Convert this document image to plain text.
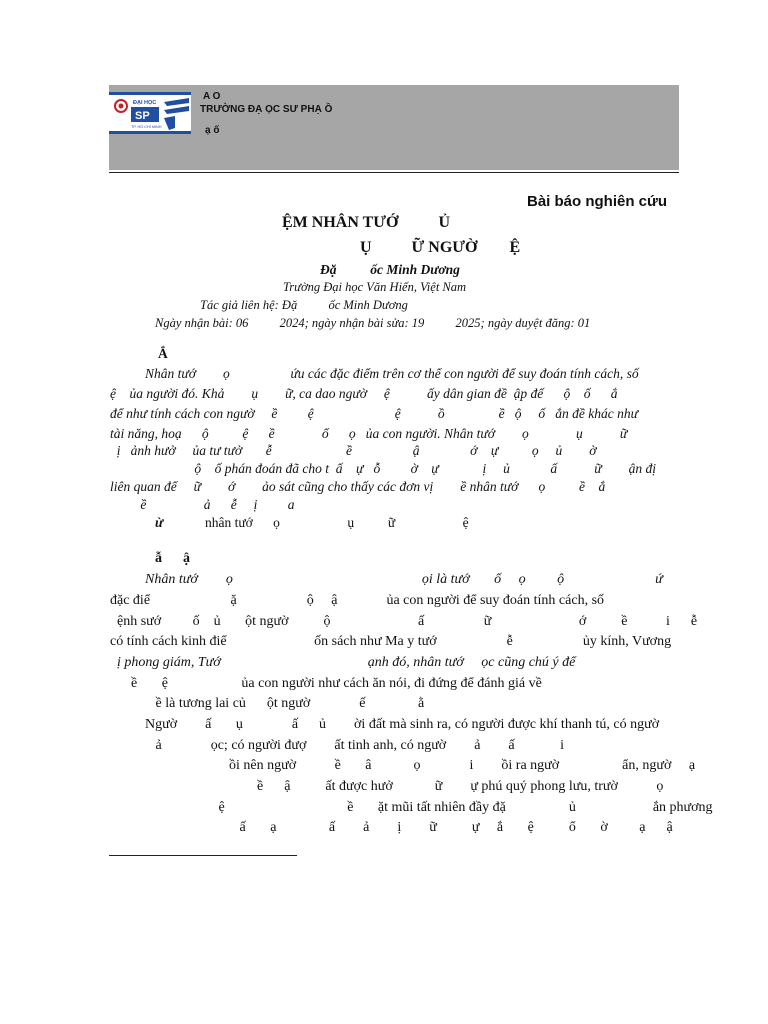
ĐẠI HỌC
SP
TP. HỒ CHÍ MINH
A O
TRƯỜNG ĐẠ ỌC SƯ PHẠ Ồ
ạ ố
Bài báo nghiên cứu
ỆM NHÂN TƯỚ          Ủ
Ụ          Ữ NGƯỜ        Ệ
Đặ          ốc Minh Dương
Trường Đại học Văn Hiến, Việt Nam
Tác giả liên hệ: Đặ          ốc Minh Dương
Ngày nhận bài: 06          2024; ngày nhận bài sửa: 19          2025; ngày duyệt đăng: 01
Ắ
Nhân tướ        ọ                  ứu các đặc điểm trên cơ thể con người để suy đoán tính cách, số
ệ    ủa người đó. Khả        ụ        ữ, ca dao ngườ     ệ           ấy dân gian đề  ập đế      ộ    ố      ắ
để như tính cách con ngườ     ề         ệ                        ệ           ồ                ề   ộ     ố   ắn đề khác như
tài năng, hoạ      ộ          ệ      ề              ổ      ọ   ủa con người. Nhân tướ        ọ              ụ           ữ
ị   ảnh hưở     ủa tư tưở       ễ                      ề                  ậ               ớ    ự          ọ     ủ        ờ
ộ    ố phán đoán đã cho t  ấ    ự   ỗ         ờ    ự             ị     ủ            ấ           ữ        ận đị
liên quan để     ữ        ớ        ảo sát cũng cho thấy các đơn vị        ề nhân tướ      ọ          ề    ắ
ề                 ả      ễ     ị         a
ừ	nhân tướ      ọ                    ụ          ữ                    ệ
ẫ      ậ
Nhân tướ        ọ                                                      ọi là tướ       ố     ọ         ộ                          ứ
đặc điể                       ặ                    ộ     ậ              ủa con người để suy đoán tính cách, số
ệnh sướ         ố    ủ       ột ngườ          ộ                         ấ                 ữ                         ớ          ề           i      ễ
có tính cách kinh điể                         ốn sách như Ma y tướ                    ễ                    ủy kính, Vương
ị phong giám, Tướ                                          ạnh đó, nhân tướ     ọc cũng chú ý để
ề       ệ                     ủa con người như cách ăn nói, đi đứng để đánh giá về
ề là tương lai củ      ột ngườ              ế               ằ
Ngườ        ấ       ụ              ấ      ủ        ời đất mà sinh ra, có người được khí thanh tú, có ngườ
ả              ọc; có người đượ        ất tinh anh, có ngườ        ả        ấ             i
ồi nên ngườ           ề       â            ọ              i        ồi ra ngườ                  ẩn, ngườ     ạ
ề      ậ          ất được hưở            ữ        ự phú quý phong lưu, trườ           ọ
ệ                                   ề       ặt mũi tất nhiên đầy đặ                  ủ                      ắn phương
ấ       ạ               ấ        ả        ị        ữ          ự     ắ       ệ          ổ       ờ         ạ      ậ
